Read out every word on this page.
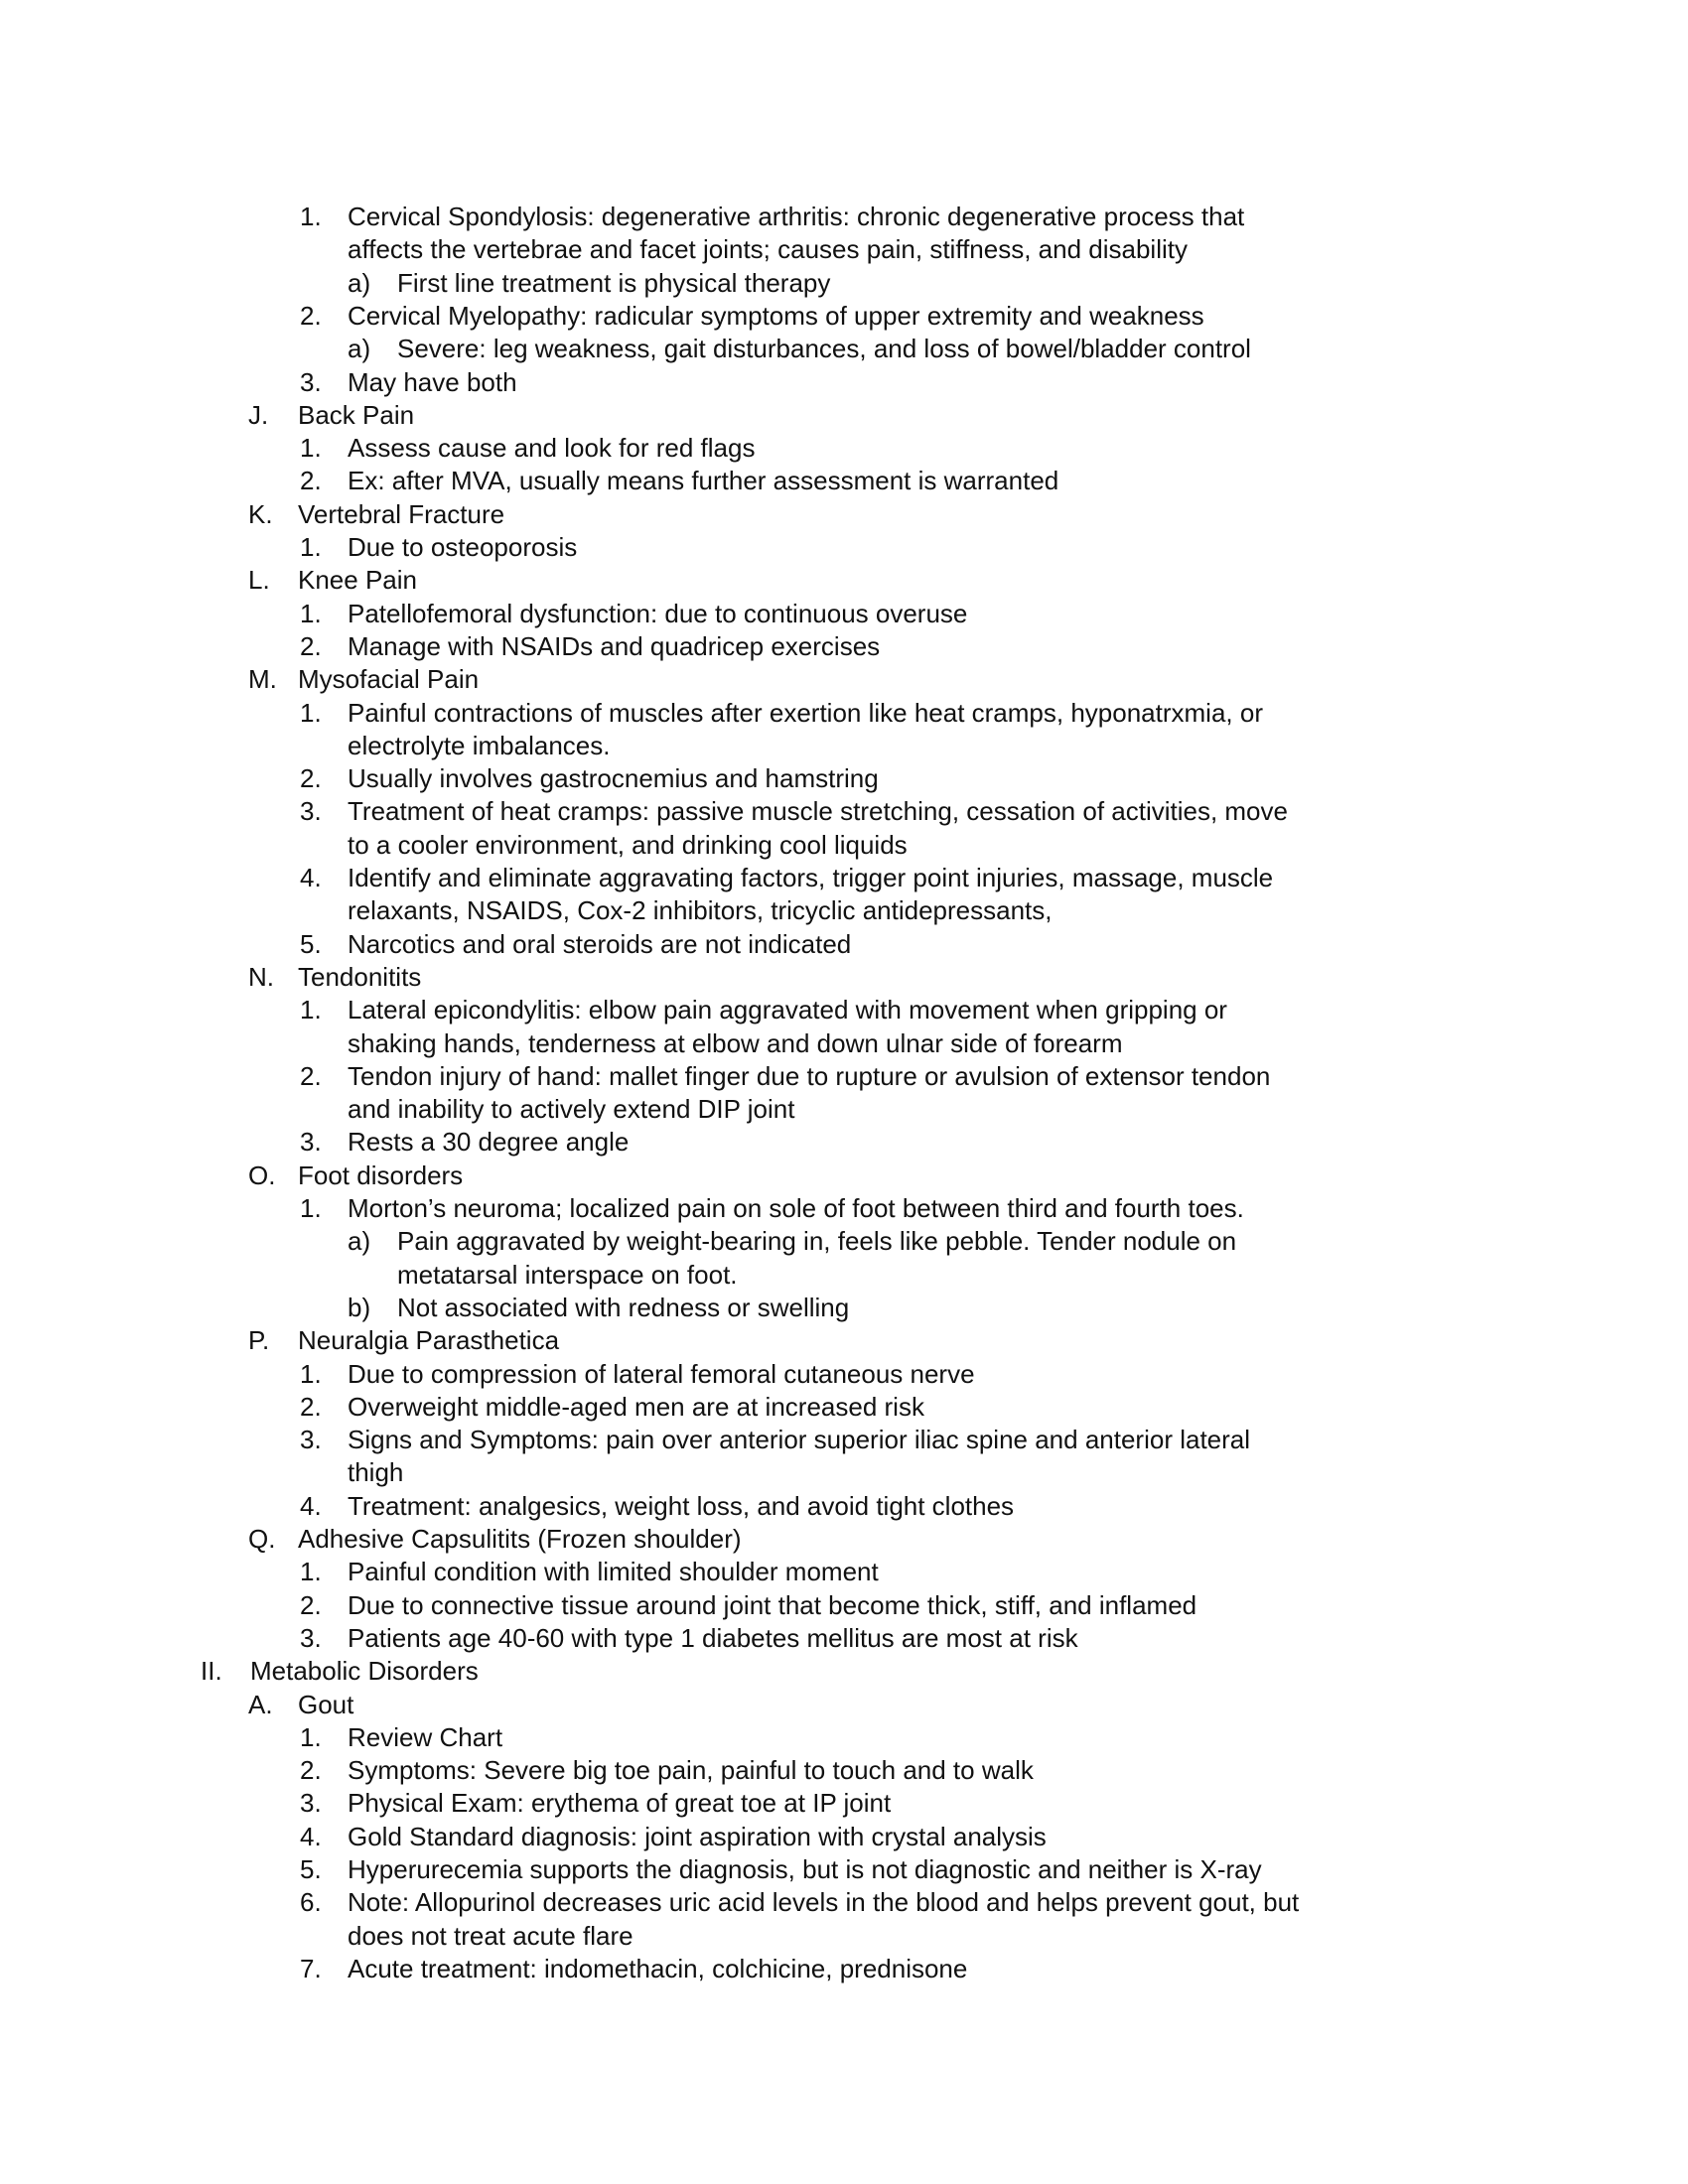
1. Cervical Spondylosis: degenerative arthritis: chronic degenerative process that
affects the vertebrae and facet joints; causes pain, stiffness, and disability
a) First line treatment is physical therapy
2. Cervical Myelopathy: radicular symptoms of upper extremity and weakness
a) Severe: leg weakness, gait disturbances, and loss of bowel/bladder control
3. May have both
J. Back Pain
1. Assess cause and look for red flags
2. Ex: after MVA, usually means further assessment is warranted
K. Vertebral Fracture
1. Due to osteoporosis
L. Knee Pain
1. Patellofemoral dysfunction: due to continuous overuse
2. Manage with NSAIDs and quadricep exercises
M. Mysofacial Pain
1. Painful contractions of muscles after exertion like heat cramps, hyponatrxmia, or
electrolyte imbalances.
2. Usually involves gastrocnemius and hamstring
3. Treatment of heat cramps: passive muscle stretching, cessation of activities, move
to a cooler environment, and drinking cool liquids
4. Identify and eliminate aggravating factors, trigger point injuries, massage, muscle
relaxants, NSAIDS, Cox-2 inhibitors, tricyclic antidepressants,
5. Narcotics and oral steroids are not indicated
N. Tendonitits
1. Lateral epicondylitis: elbow pain aggravated with movement when gripping or
shaking hands, tenderness at elbow and down ulnar side of forearm
2. Tendon injury of hand: mallet finger due to rupture or avulsion of extensor tendon
and inability to actively extend DIP joint
3. Rests a 30 degree angle
O. Foot disorders
1. Morton’s neuroma; localized pain on sole of foot between third and fourth toes.
a) Pain aggravated by weight-bearing in, feels like pebble. Tender nodule on
metatarsal interspace on foot.
b) Not associated with redness or swelling
P. Neuralgia Parasthetica
1. Due to compression of lateral femoral cutaneous nerve
2. Overweight middle-aged men are at increased risk
3. Signs and Symptoms: pain over anterior superior iliac spine and anterior lateral
thigh
4. Treatment: analgesics, weight loss, and avoid tight clothes
Q. Adhesive Capsulitits (Frozen shoulder)
1. Painful condition with limited shoulder moment
2. Due to connective tissue around joint that become thick, stiff, and inflamed
3. Patients age 40-60 with type 1 diabetes mellitus are most at risk
II. Metabolic Disorders
A. Gout
1. Review Chart
2. Symptoms: Severe big toe pain, painful to touch and to walk
3. Physical Exam: erythema of great toe at IP joint
4. Gold Standard diagnosis: joint aspiration with crystal analysis
5. Hyperurecemia supports the diagnosis, but is not diagnostic and neither is X-ray
6. Note: Allopurinol decreases uric acid levels in the blood and helps prevent gout, but
does not treat acute flare
7. Acute treatment: indomethacin, colchicine, prednisone
